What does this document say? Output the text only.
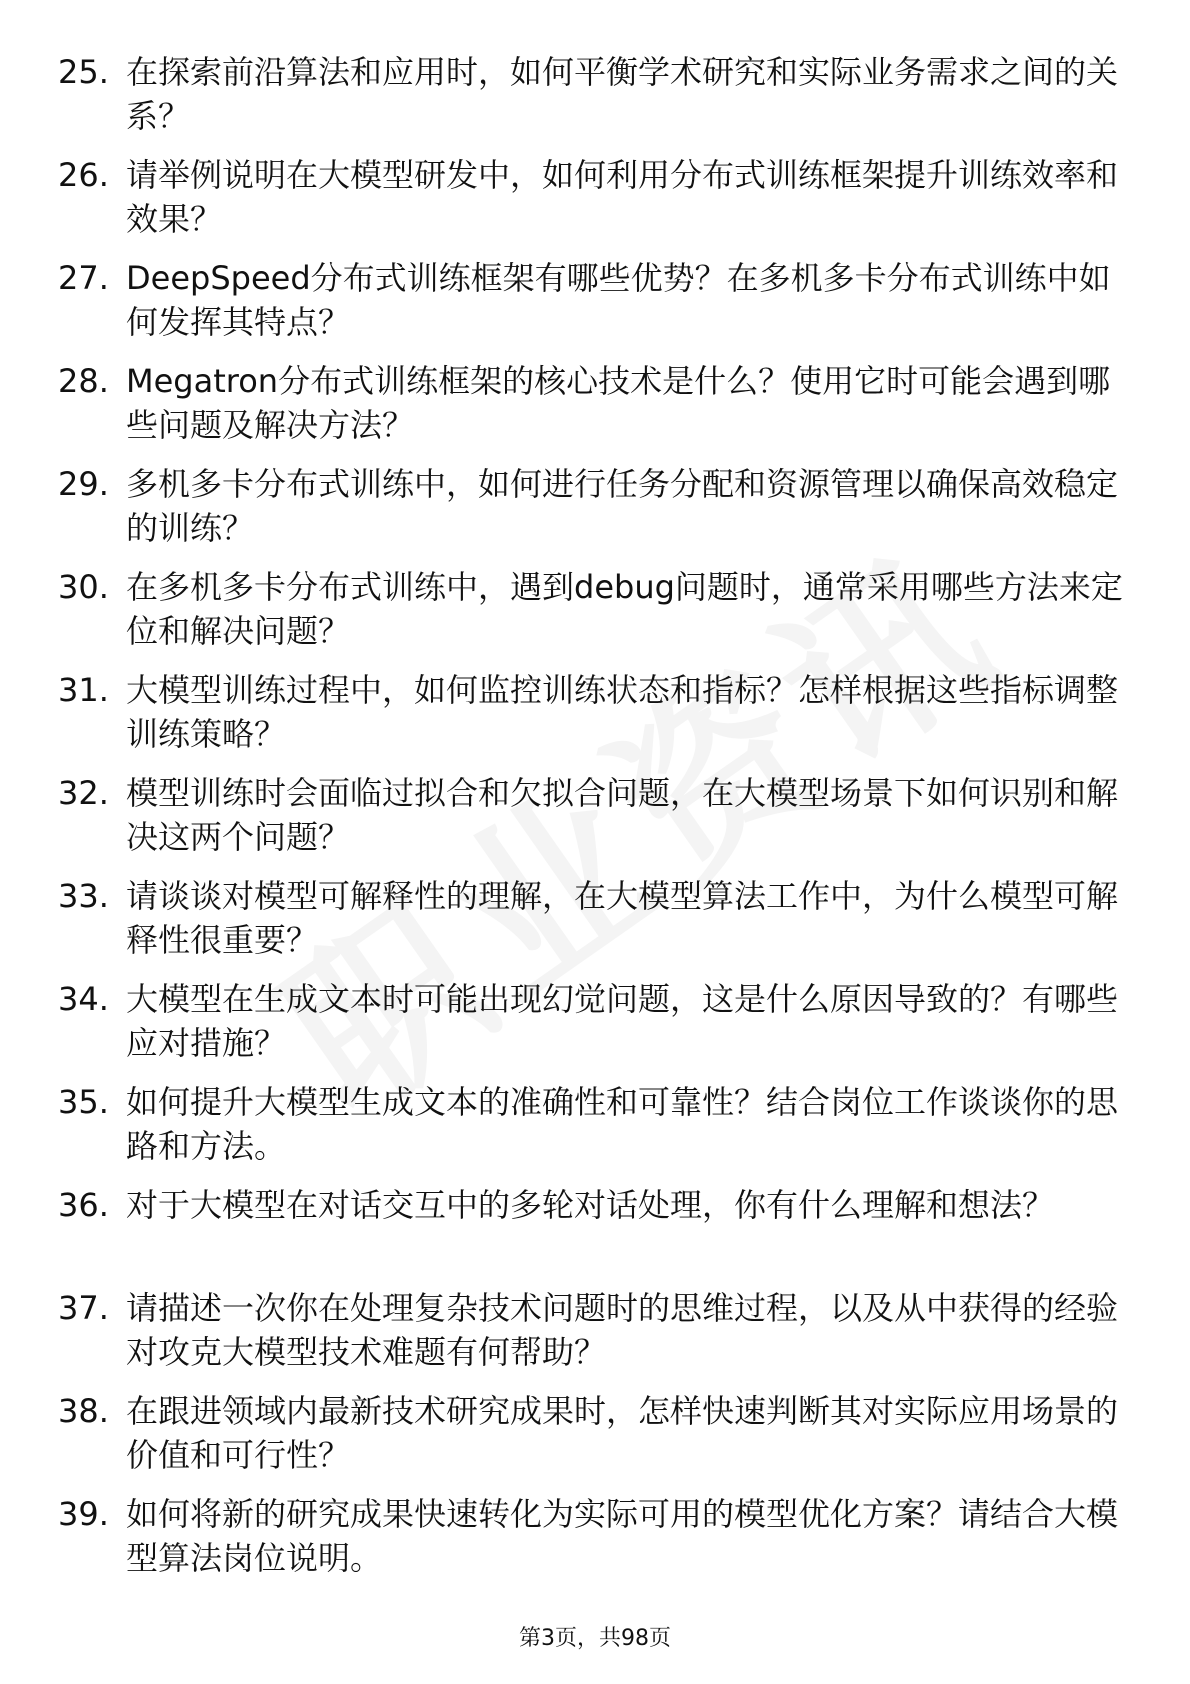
25. 在探索前沿算法和应用时，如何平衡学术研究和实际业务需求之间的关系？
26. 请举例说明在大模型研发中，如何利用分布式训练框架提升训练效率和效果？
27. DeepSpeed分布式训练框架有哪些优势？在多机多卡分布式训练中如何发挥其特点？
28. Megatron分布式训练框架的核心技术是什么？使用它时可能会遇到哪些问题及解决方法？
29. 多机多卡分布式训练中，如何进行任务分配和资源管理以确保高效稳定的训练？
30. 在多机多卡分布式训练中，遇到debug问题时，通常采用哪些方法来定位和解决问题？
31. 大模型训练过程中，如何监控训练状态和指标？怎样根据这些指标调整训练策略？
32. 模型训练时会面临过拟合和欠拟合问题，在大模型场景下如何识别和解决这两个问题？
33. 请谈谈对模型可解释性的理解，在大模型算法工作中，为什么模型可解释性很重要？
34. 大模型在生成文本时可能出现幻觉问题，这是什么原因导致的？有哪些应对措施？
35. 如何提升大模型生成文本的准确性和可靠性？结合岗位工作谈谈你的思路和方法。
36. 对于大模型在对话交互中的多轮对话处理，你有什么理解和想法？
37. 请描述一次你在处理复杂技术问题时的思维过程，以及从中获得的经验对攻克大模型技术难题有何帮助？
38. 在跟进领域内最新技术研究成果时，怎样快速判断其对实际应用场景的价值和可行性？
39. 如何将新的研究成果快速转化为实际可用的模型优化方案？请结合大模型算法岗位说明。
第3页，共98页
